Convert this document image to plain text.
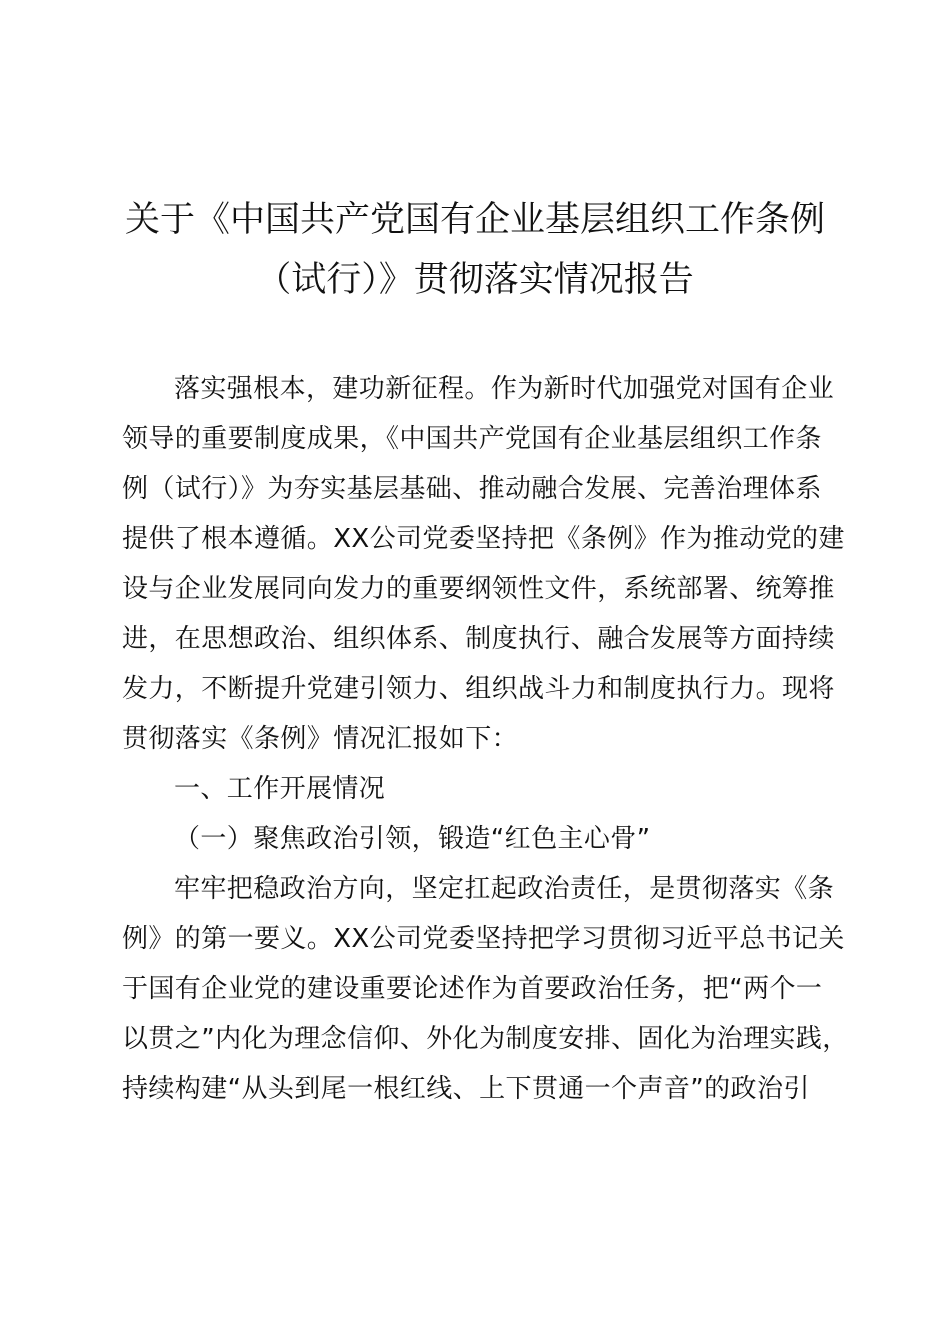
关于《中国共产党国有企业基层组织工作条例
（试行）》贯彻落实情况报告
落实强根本，建功新征程。作为新时代加强党对国有企业
领导的重要制度成果，《中国共产党国有企业基层组织工作条
例（试行）》为夯实基层基础、推动融合发展、完善治理体系
提供了根本遵循。XX公司党委坚持把《条例》作为推动党的建
设与企业发展同向发力的重要纲领性文件，系统部署、统筹推
进，在思想政治、组织体系、制度执行、融合发展等方面持续
发力，不断提升党建引领力、组织战斗力和制度执行力。现将
贯彻落实《条例》情况汇报如下：
一、工作开展情况
（一）聚焦政治引领，锻造“红色主心骨”
牢牢把稳政治方向，坚定扛起政治责任，是贯彻落实《条
例》的第一要义。XX公司党委坚持把学习贯彻习近平总书记关
于国有企业党的建设重要论述作为首要政治任务，把“两个一
以贯之”内化为理念信仰、外化为制度安排、固化为治理实践，
持续构建“从头到尾一根红线、上下贯通一个声音”的政治引
